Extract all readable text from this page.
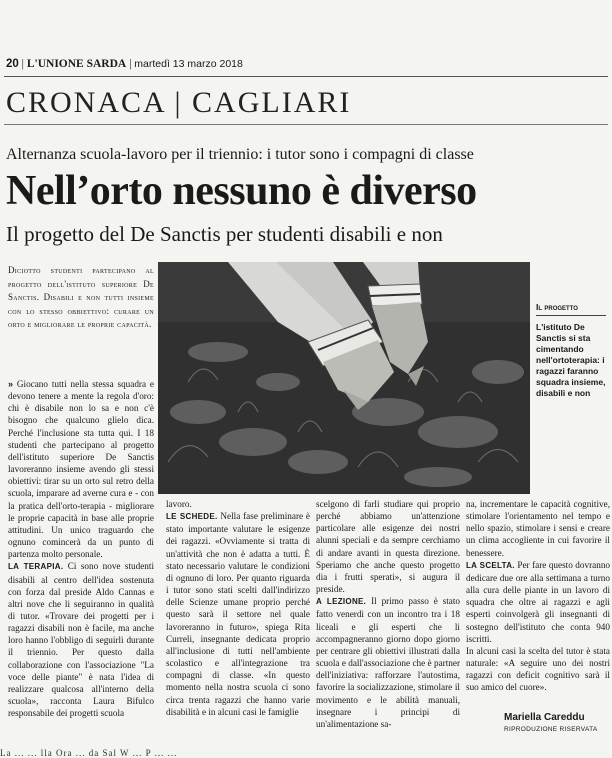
20 | L'UNIONE SARDA | martedì 13 marzo 2018
CRONACA | CAGLIARI
Alternanza scuola-lavoro per il triennio: i tutor sono i compagni di classe
Nell’orto nessuno è diverso
Il progetto del De Sanctis per studenti disabili e non
Diciotto studenti partecipano al progetto dell'istituto superiore De Sanctis. Disabili e non tutti insieme con lo stesso obbiettivo: curare un orto e migliorare le proprie capacità.
Il progetto
L'istituto De Sanctis si sta cimentando nell'ortoterapia: i ragazzi faranno squadra insieme, disabili e non

» Giocano tutti nella stessa squadra e devono tenere a mente la regola d'oro: chi è disabile non lo sa e non c'è bisogno che qualcuno glielo dica. Perché l'inclusione sta tutta qui. I 18 studenti che partecipano al progetto dell'istituto superiore De Sanctis lavoreranno insieme avendo gli stessi obiettivi: tirar su un orto sul retro della scuola, imparare ad averne cura e - con la pratica dell'orto-terapia - migliorare le proprie capacità in base alle proprie attitudini. Un unico traguardo che ognuno comincerà da un punto di partenza molto personale.

LA TERAPIA. Ci sono nove studenti disabili al centro dell'idea sostenuta con forza dal preside Aldo Cannas e altri nove che li seguiranno in qualità di tutor. «Trovare dei progetti per i ragazzi disabili non è facile, ma anche loro hanno l'obbligo di seguirli durante il triennio. Per questo dalla collaborazione con l'associazione "La voce delle piante" è nata l'idea di realizzare qualcosa all'interno della scuola», racconta Laura Bifulco responsabile dei progetti scuola

lavoro.

LE SCHEDE. Nella fase preliminare è stato importante valutare le esigenze dei ragazzi. «Ovviamente si tratta di un'attività che non è adatta a tutti. È stato necessario valutare le condizioni di ognuno di loro. Per quanto riguarda i tutor sono stati scelti dall'indirizzo delle Scienze umane proprio perché questo sarà il settore nel quale lavoreranno in futuro», spiega Rita Curreli, insegnante dedicata proprio all'inclusione di tutti nell'ambiente scolastico e all'integrazione tra compagni di classe. «In questo momento nella nostra scuola ci sono circa trenta ragazzi che hanno varie disabilità e in alcuni casi le famiglie

scelgono di farli studiare qui proprio perché abbiamo un'attenzione particolare alle esigenze dei nostri alunni speciali e da sempre cerchiamo di andare avanti in questa direzione. Speriamo che anche questo progetto dia i frutti sperati», si augura il preside.

A LEZIONE. Il primo passo è stato fatto venerdì con un incontro tra i 18 liceali e gli esperti che li accompagneranno giorno dopo giorno per centrare gli obiettivi illustrati dalla scuola e dall'associazione che è partner dell'iniziativa: rafforzare l'autostima, favorire la socializzazione, stimolare il movimento e le abilità manuali, insegnare i principi di un'alimentazione sa-

na, incrementare le capacità cognitive, stimolare l'orientamento nel tempo e nello spazio, stimolare i sensi e creare un clima accogliente in cui favorire il benessere.

LA SCELTA. Per fare questo dovranno dedicare due ore alla settimana a turno alla cura delle piante in un lavoro di squadra che oltre ai ragazzi e agli esperti coinvolgerà gli insegnanti di sostegno dell'istituto che conta 940 iscritti.

In alcuni casi la scelta del tutor è stata naturale: «A seguire uno dei nostri ragazzi con deficit cognitivo sarà il suo amico del cuore».

Mariella Careddu
RIPRODUZIONE RISERVATA
La ... ... lla Ora ... da Sal W ... P ... ...
